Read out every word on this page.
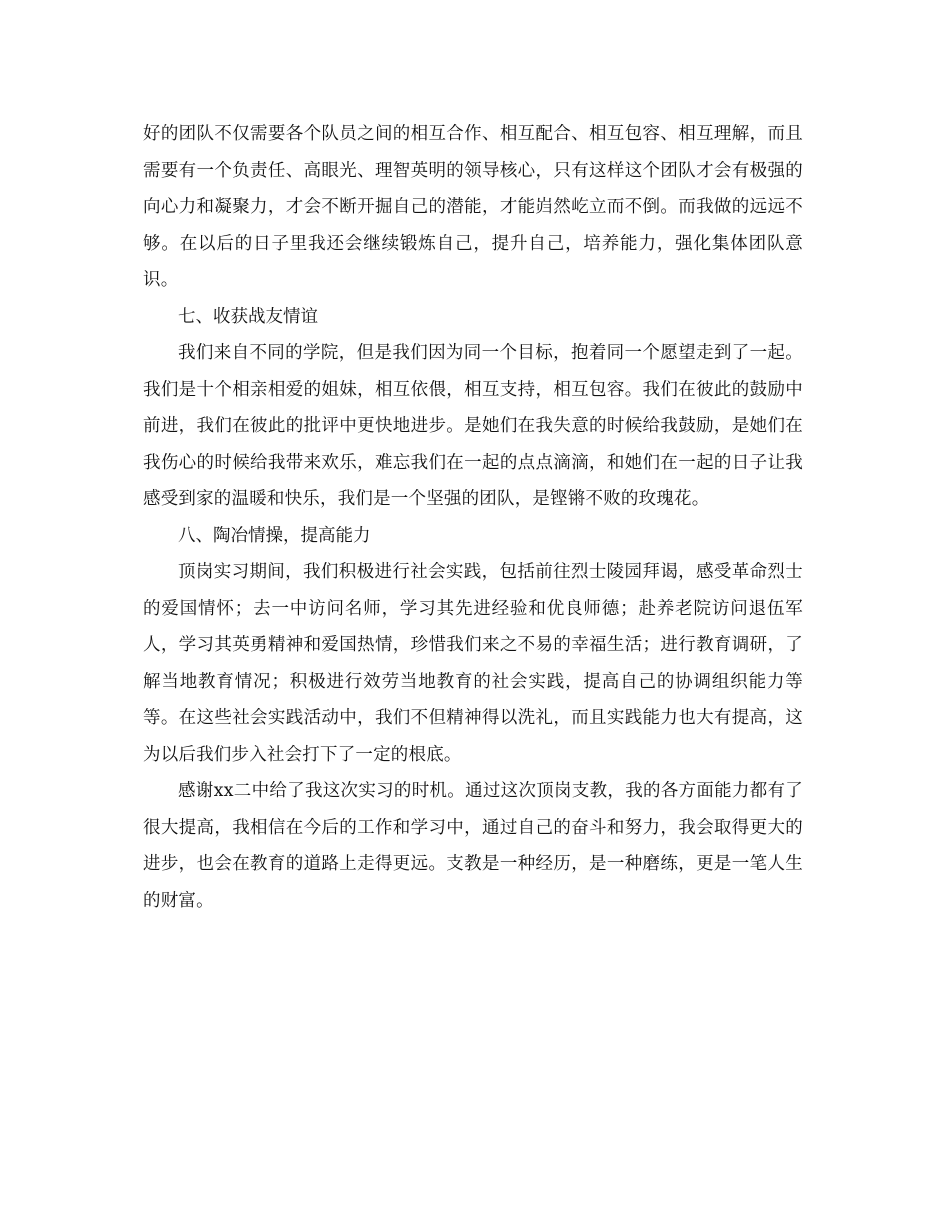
好的团队不仅需要各个队员之间的相互合作、相互配合、相互包容、相互理解，而且需要有一个负责任、高眼光、理智英明的领导核心，只有这样这个团队才会有极强的向心力和凝聚力，才会不断开掘自己的潜能，才能岿然屹立而不倒。而我做的远远不够。在以后的日子里我还会继续锻炼自己，提升自己，培养能力，强化集体团队意识。

七、收获战友情谊

我们来自不同的学院，但是我们因为同一个目标，抱着同一个愿望走到了一起。我们是十个相亲相爱的姐妹，相互依偎，相互支持，相互包容。我们在彼此的鼓励中前进，我们在彼此的批评中更快地进步。是她们在我失意的时候给我鼓励，是她们在我伤心的时候给我带来欢乐，难忘我们在一起的点点滴滴，和她们在一起的日子让我感受到家的温暖和快乐，我们是一个坚强的团队，是铿锵不败的玫瑰花。

八、陶冶情操，提高能力

顶岗实习期间，我们积极进行社会实践，包括前往烈士陵园拜谒，感受革命烈士的爱国情怀；去一中访问名师，学习其先进经验和优良师德；赴养老院访问退伍军人，学习其英勇精神和爱国热情，珍惜我们来之不易的幸福生活；进行教育调研，了解当地教育情况；积极进行效劳当地教育的社会实践，提高自己的协调组织能力等等。在这些社会实践活动中，我们不但精神得以洗礼，而且实践能力也大有提高，这为以后我们步入社会打下了一定的根底。

感谢xx二中给了我这次实习的时机。通过这次顶岗支教，我的各方面能力都有了很大提高，我相信在今后的工作和学习中，通过自己的奋斗和努力，我会取得更大的进步，也会在教育的道路上走得更远。支教是一种经历，是一种磨练，更是一笔人生的财富。
